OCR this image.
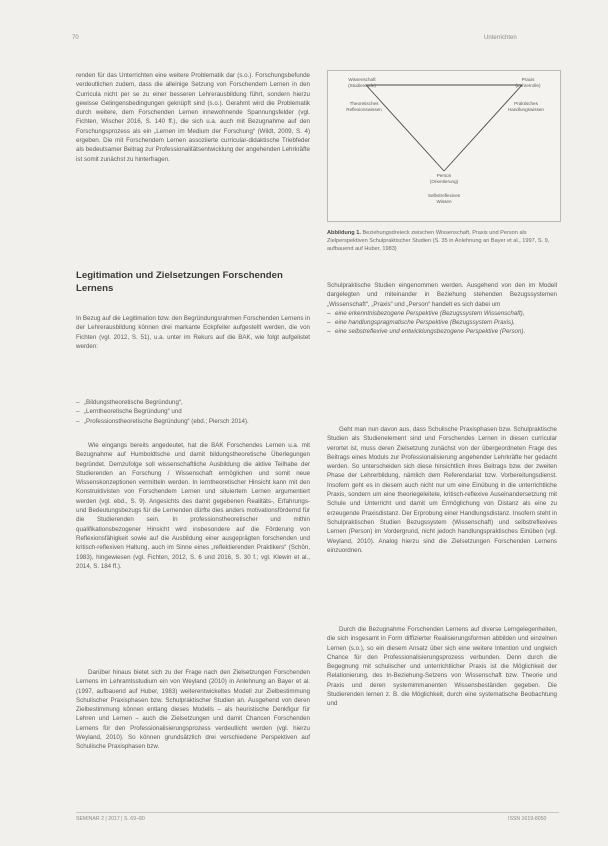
70	Unterrichten

renden für das Unterrichten eine weitere Problematik dar (s.o.). Forschungsbefunde verdeutlichen zudem, dass die alleinige Setzung von Forschendem Lernen in den Curricula nicht per se zu einer besseren Lehrerausbildung führt, sondern hierzu gewisse Gelingensbedingungen geknüpft sind (s.o.). Gerahmt wird die Problematik durch weitere, dem Forschenden Lernen innewohnende Spannungsfelder (vgl. Fichten, Wischer 2016, S. 140 ff.), die sich u.a. auch mit Bezugnahme auf den Forschungsprozess als ein „Lernen im Medium der Forschung“ (Wildt, 2009, S. 4) ergeben. Die mit Forschendem Lernen assoziierte curricular-didaktische Triebfeder als bedeutsamer Beitrag zur Professionalitätsentwicklung der angehenden Lehrkräfte ist somit zunächst zu hinterfragen.

Legitimation und Zielsetzungen Forschenden Lernens

In Bezug auf die Legitimation bzw. den Begründungsrahmen Forschenden Lernens in der Lehrerausbildung können drei markante Eckpfeiler aufgestellt werden, die von Fichten (vgl. 2012, S. 51), u.a. unter im Rekurs auf die BAK, wie folgt aufgelistet werden:

– „Bildungstheoretische Begründung“,
– „Lerntheoretische Begründung“ und
– „Professionstheoretische Begründung“ (ebd.; Piersch 2014).

Wie eingangs bereits angedeutet, hat die BAK Forschendes Lernen u.a. mit Bezugnahme auf Humboldtsche und damit bildungstheoretische Überlegungen begründet. Demzufolge soll wissenschaftliche Ausbildung die aktive Teilhabe der Studierenden an Forschung / Wissenschaft ermöglichen und somit neue Wissenskonzeptionen vermitteln werden. In lerntheoretischer Hinsicht kann mit den Konstruktivisten von Forschendem Lernen und situiertem Lernen argumentiert werden (vgl. ebd., S. 9). Angesichts des damit gegebenen Realitäts-, Erfahrungs- und Bedeutungsbezugs für die Lernenden dürfte dies anders motivationsfördernd für die Studierenden sein. In professionstheoretischer und mithin qualifikationsbezogener Hinsicht wird insbesondere auf die Förderung von Reflexionsfähigkeit sowie auf die Ausbildung einer ausgeprägten forschenden und kritisch-reflexiven Haltung, auch im Sinne eines „reflektierenden Praktikers“ (Schön, 1983), hingewiesen (vgl. Fichten, 2012, S. 6 und 2016, S. 30 f.; vgl. Klewin et al., 2014, S. 184 ff.).

Darüber hinaus bietet sich zu der Frage nach den Zielsetzungen Forschenden Lernens im Lehramtsstudium ein von Weyland (2010) in Anlehnung an Bayer et al. (1997, aufbauend auf Huber, 1983) weiterentwickeltes Modell zur Zielbestimmung Schulischer Praxisphasen bzw. Schulpraktischer Studien an. Ausgehend von deren Zielbestimmung können entlang dieses Modells – als heuristische Denkfigur für Lehren und Lernen – auch die Zielsetzungen und damit Chancen Forschenden Lernens für den Professionalisierungsprozess verdeutlicht werden (vgl. hierzu Weyland, 2010). So können grundsätzlich drei verschiedene Perspektiven auf Schulische Praxisphasen bzw.

Wissenschaft
(Studierende)
Praxis
(Lehrerrolle)
Theoretisches
Reflexionswissen
Praktisches
Handlungswissen
Person
(Orientierung)
Selbstreflexives
Wissen
Abbildung 1. Beziehungsdreieck zwischen Wissenschaft, Praxis und Person als Zielperspektiven Schulpraktischer Studien (S. 35 in Anlehnung an Bayer et al., 1997, S. 9, aufbauend auf Huber, 1983)

Schulpraktische Studien eingenommen werden. Ausgehend von den im Modell dargelegten und miteinander in Beziehung stehenden Bezugssystemen „Wissenschaft“, „Praxis“ und „Person“ handelt es sich dabei um

– eine erkenntnisbezogene Perspektive (Bezugssystem Wissenschaft),
– eine handlungspragmatische Perspektive (Bezugssystem Praxis),
– eine selbstreflexive und entwicklungsbezogene Perspektive (Person).

Geht man nun davon aus, dass Schulische Praxisphasen bzw. Schulpraktische Studien als Studienelement sind und Forschendes Lernen in diesen curricular verortet ist, muss deren Zielsetzung zunächst von der übergeordneten Frage des Beitrags eines Moduls zur Professionalisierung angehender Lehrkräfte her gedacht werden. So unterscheiden sich diese hinsichtlich ihres Beitrags bzw. der zweiten Phase der Lehrerbildung, nämlich dem Referendariat bzw. Vorbereitungsdienst. Insofern geht es in diesem auch nicht nur um eine Einübung in die unterrichtliche Praxis, sondern um eine theoriegeleitete, kritisch-reflexive Auseinandersetzung mit Schule und Unterricht und damit um Ermöglichung von Distanz als eine zu erzeugende Praxisdistanz. Der Erprobung einer Handlungsdistanz. Insofern steht in Schulpraktischen Studien Bezugssystem (Wissenschaft) und selbstreflexives Lernen (Person) im Vordergrund, nicht jedoch handlungspraktisches Einüben (vgl. Weyland, 2010). Analog hierzu sind die Zielsetzungen Forschenden Lernens einzuordnen.

Durch die Bezugnahme Forschenden Lernens auf diverse Lerngelegenheiten, die sich insgesamt in Form diffizierter Realisierungsformen abbilden und einzelnen Lernen (s.o.), so ein diesem Ansatz über sich eine weitere Intention und ungleich Chance für den Professionalisierungsprozess verbunden. Denn durch die Begegnung mit schulischer und unterrichtlicher Praxis ist die Möglichkeit der Relationierung, des In-Beziehung-Setzens von Wissenschaft bzw. Theorie und Praxis und deren systemimmanenten Wissensbeständen gegeben. Die Studierenden lernen z. B. die Möglichkeit, durch eine systematische Beobachtung und

SEMINAR 2 | 2017 | S. 69–80	ISSN 1619-8050
